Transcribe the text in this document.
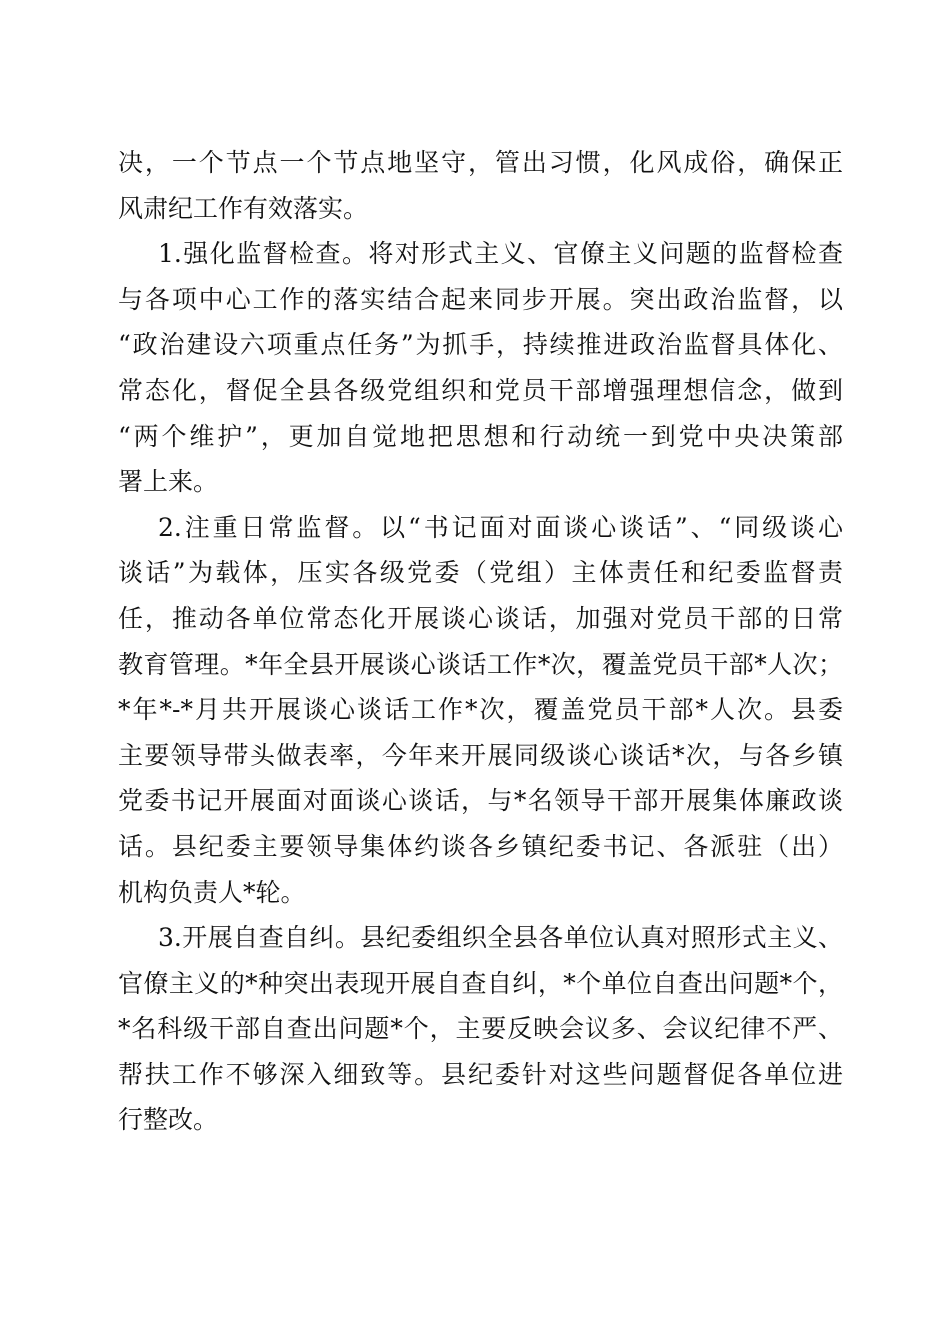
决，一个节点一个节点地坚守，管出习惯，化风成俗，确保正
风肃纪工作有效落实。
1.强化监督检查。将对形式主义、官僚主义问题的监督检查
与各项中心工作的落实结合起来同步开展。突出政治监督，以
“政治建设六项重点任务”为抓手，持续推进政治监督具体化、
常态化，督促全县各级党组织和党员干部增强理想信念，做到
“两个维护”，更加自觉地把思想和行动统一到党中央决策部
署上来。
2.注重日常监督。以“书记面对面谈心谈话”、“同级谈心
谈话”为载体，压实各级党委（党组）主体责任和纪委监督责
任，推动各单位常态化开展谈心谈话，加强对党员干部的日常
教育管理。*年全县开展谈心谈话工作*次，覆盖党员干部*人次；
*年*-*月共开展谈心谈话工作*次，覆盖党员干部*人次。县委
主要领导带头做表率，今年来开展同级谈心谈话*次，与各乡镇
党委书记开展面对面谈心谈话，与*名领导干部开展集体廉政谈
话。县纪委主要领导集体约谈各乡镇纪委书记、各派驻（出）
机构负责人*轮。
3.开展自查自纠。县纪委组织全县各单位认真对照形式主义、
官僚主义的*种突出表现开展自查自纠，*个单位自查出问题*个，
*名科级干部自查出问题*个，主要反映会议多、会议纪律不严、
帮扶工作不够深入细致等。县纪委针对这些问题督促各单位进
行整改。
